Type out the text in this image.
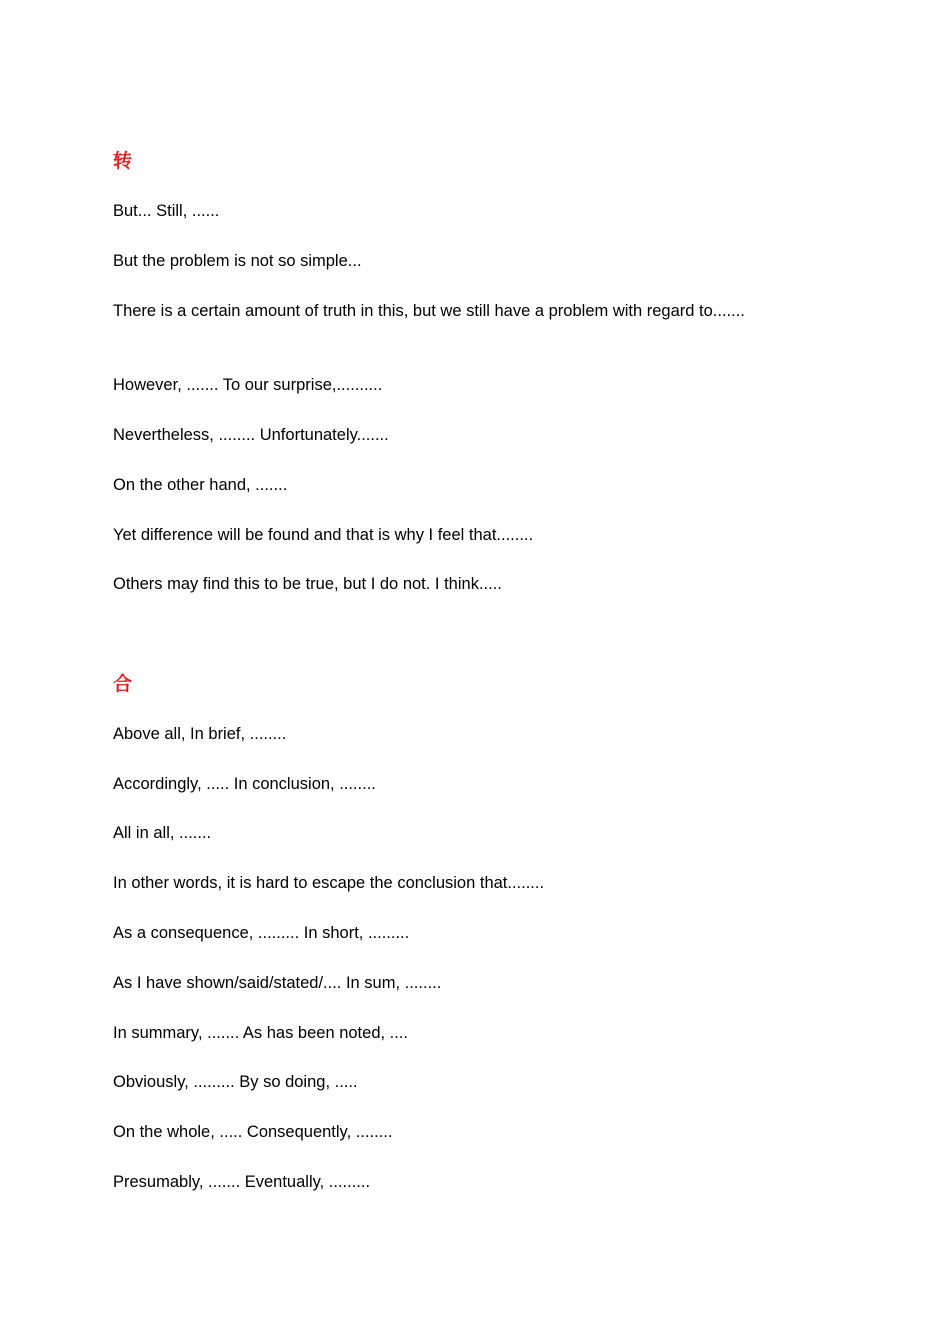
转

But... Still, ......

But the problem is not so simple...

There is a certain amount of truth in this, but we still have a problem with regard to.......

However, ....... To our surprise,..........

Nevertheless, ........ Unfortunately.......

On the other hand, .......

Yet difference will be found and that is why I feel that........

Others may find this to be true, but I do not. I think.....

合

Above all, In brief, ........

Accordingly, ..... In conclusion, ........

All in all, .......

In other words, it is hard to escape the conclusion that........

As a consequence, ......... In short, .........

As I have shown/said/stated/.... In sum, ........

In summary, ....... As has been noted, ....

Obviously, ......... By so doing, .....

On the whole, ..... Consequently, ........

Presumably, ....... Eventually, .........
